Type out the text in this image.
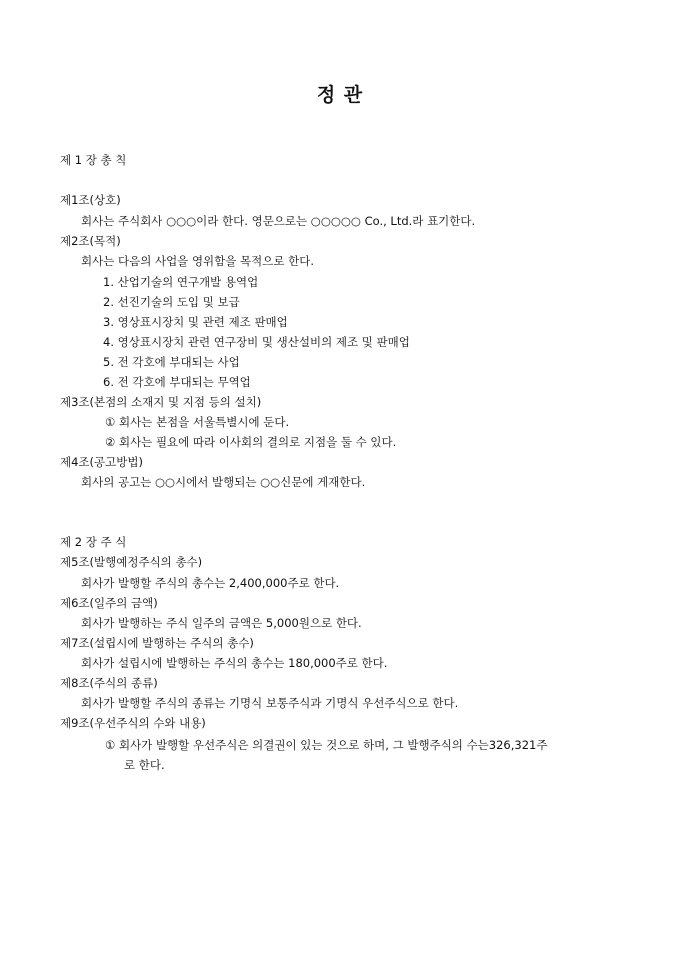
정 관
제 1 장 총 칙
제1조(상호)
회사는 주식회사 ○○○이라 한다. 영문으로는 ○○○○○ Co., Ltd.라 표기한다.
제2조(목적)
회사는 다음의 사업을 영위함을 목적으로 한다.
1. 산업기술의 연구개발 용역업
2. 선진기술의 도입 및 보급
3. 영상표시장치 및 관련 제조 판매업
4. 영상표시장치 관련 연구장비 및 생산설비의 제조 및 판매업
5. 전 각호에 부대되는 사업
6. 전 각호에 부대되는 무역업
제3조(본점의 소재지 및 지점 등의 설치)
① 회사는 본점을 서울특별시에 둔다.
② 회사는 필요에 따라 이사회의 결의로 지점을 둘 수 있다.
제4조(공고방법)
회사의 공고는 ○○시에서 발행되는 ○○신문에 게재한다.
제 2 장 주 식
제5조(발행예정주식의 총수)
회사가 발행할 주식의 총수는 2,400,000주로 한다.
제6조(일주의 금액)
회사가 발행하는 주식 일주의 금액은 5,000원으로 한다.
제7조(설립시에 발행하는 주식의 총수)
회사가 설립시에 발행하는 주식의 총수는 180,000주로 한다.
제8조(주식의 종류)
회사가 발행할 주식의 종류는 기명식 보통주식과 기명식 우선주식으로 한다.
제9조(우선주식의 수와 내용)
① 회사가 발행할 우선주식은 의결권이 있는 것으로 하며, 그 발행주식의 수는326,321주
로 한다.
